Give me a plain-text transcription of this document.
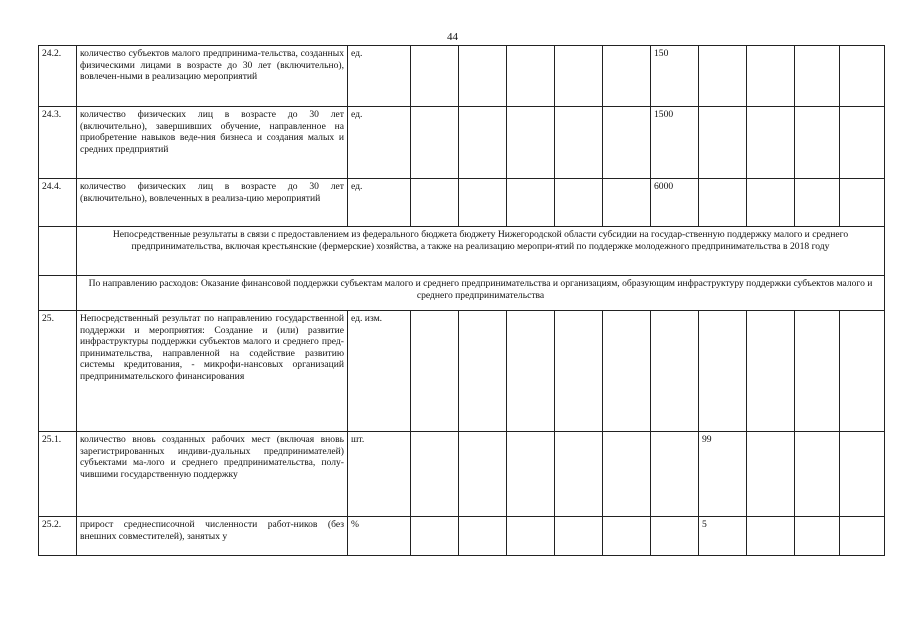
44
24.2.	количество субъектов малого предпринима-тельства, созданных физическими лицами в возрасте до 30 лет (включительно), вовлечен-ными в реализацию мероприятий	ед.						150				
24.3.	количество физических лиц в возрасте до 30 лет (включительно), завершивших обучение, направленное на приобретение навыков веде-ния бизнеса и создания малых и средних предприятий	ед.						1500				
24.4.	количество физических лиц в возрасте до 30 лет (включительно), вовлеченных в реализа-цию мероприятий	ед.						6000				
	Непосредственные результаты в связи с предоставлением из федерального бюджета бюджету Нижегородской области субсидии на государ-ственную поддержку малого и среднего предпринимательства, включая крестьянские (фермерские) хозяйства, а также на реализацию меропри-ятий по поддержке молодежного предпринимательства в 2018 году											
	По направлению расходов: Оказание финансовой поддержки субъектам малого и среднего предпринимательства и организациям, образующим инфраструктуру поддержки субъектов малого и среднего предпринимательства											
25.	Непосредственный результат по направлению государственной поддержки и мероприятия: Создание и (или) развитие инфраструктуры поддержки субъектов малого и среднего пред-принимательства, направленной на содействие развитию системы кредитования, - микрофи-нансовых организаций предпринимательского финансирования	ед. изм.										
25.1.	количество вновь созданных рабочих мест (включая вновь зарегистрированных индиви-дуальных предпринимателей) субъектами ма-лого и среднего предпринимательства, полу-чившими государственную поддержку	шт.							99			
25.2.	прирост среднесписочной численности работ-ников (без внешних совместителей), занятых у	%							5			
